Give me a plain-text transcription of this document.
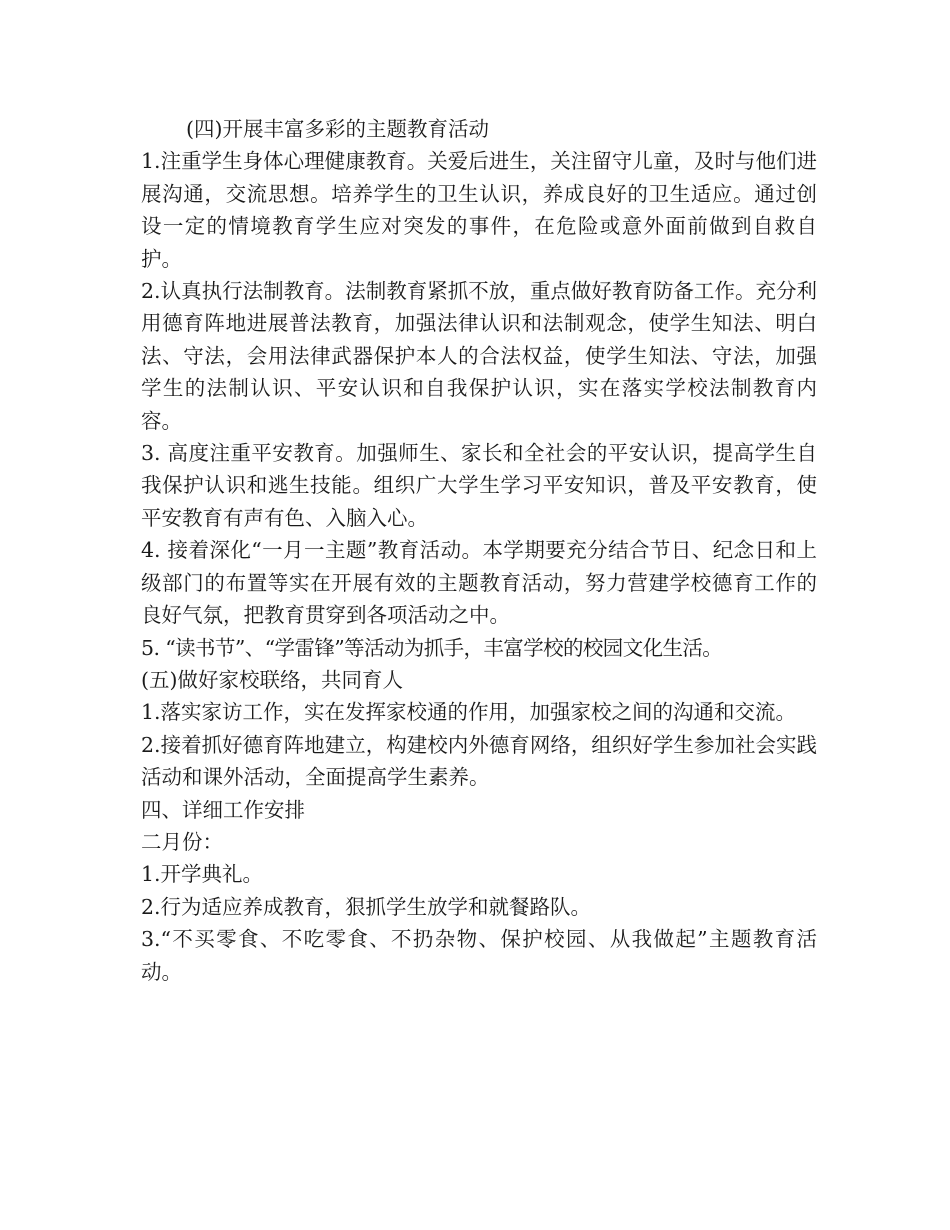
(四)开展丰富多彩的主题教育活动
1.注重学生身体心理健康教育。关爱后进生，关注留守儿童，及时与他们进展沟通，交流思想。培养学生的卫生认识，养成良好的卫生适应。通过创设一定的情境教育学生应对突发的事件，在危险或意外面前做到自救自护。
2.认真执行法制教育。法制教育紧抓不放，重点做好教育防备工作。充分利用德育阵地进展普法教育，加强法律认识和法制观念，使学生知法、明白法、守法，会用法律武器保护本人的合法权益，使学生知法、守法，加强学生的法制认识、平安认识和自我保护认识，实在落实学校法制教育内容。
3. 高度注重平安教育。加强师生、家长和全社会的平安认识，提高学生自我保护认识和逃生技能。组织广大学生学习平安知识，普及平安教育，使平安教育有声有色、入脑入心。
4. 接着深化“一月一主题”教育活动。本学期要充分结合节日、纪念日和上级部门的布置等实在开展有效的主题教育活动，努力营建学校德育工作的良好气氛，把教育贯穿到各项活动之中。
5. “读书节”、“学雷锋”等活动为抓手，丰富学校的校园文化生活。
(五)做好家校联络，共同育人
1.落实家访工作，实在发挥家校通的作用，加强家校之间的沟通和交流。
2.接着抓好德育阵地建立，构建校内外德育网络，组织好学生参加社会实践活动和课外活动，全面提高学生素养。
四、详细工作安排
二月份：
1.开学典礼。
2.行为适应养成教育，狠抓学生放学和就餐路队。
3.“不买零食、不吃零食、不扔杂物、保护校园、从我做起”主题教育活动。
